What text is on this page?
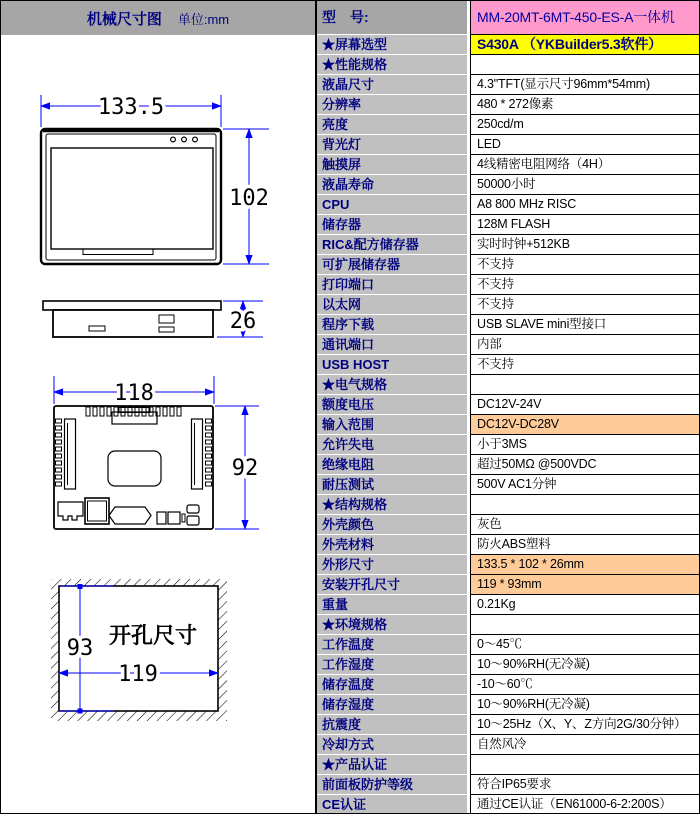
机械尺寸图 单位:mm
133.5
102
26
118
92
开孔尺寸
119
93
型　号:	MM-20MT-6MT-450-ES-A一体机
★屏幕选型	S430A （YKBuilder5.3软件）
★性能规格
液晶尺寸	4.3"TFT(显示尺寸96mm*54mm)
分辨率	480 * 272像素
亮度	250cd/m
背光灯	LED
触摸屏	4线精密电阻网络（4H）
液晶寿命	50000小时
CPU	A8 800 MHz RISC
储存器	128M FLASH
RIC&配方储存器	实时时钟+512KB
可扩展储存器	不支持
打印端口	不支持
以太网	不支持
程序下载	USB SLAVE mini型接口
通讯端口	内部
USB HOST	不支持
★电气规格
额度电压	DC12V-24V
输入范围	DC12V-DC28V
允许失电	小于3MS
绝缘电阻	超过50MΩ @500VDC
耐压测试	500V AC1分钟
★结构规格
外壳颜色	灰色
外壳材料	防火ABS塑料
外形尺寸	133.5 * 102 * 26mm
安装开孔尺寸	119 * 93mm
重量	0.21Kg
★环境规格
工作温度	0～45℃
工作湿度	10～90%RH(无冷凝)
储存温度	-10～60℃
储存湿度	10～90%RH(无冷凝)
抗震度	10～25Hz（X、Y、Z方向2G/30分钟）
冷却方式	自然风冷
★产品认证
前面板防护等级	符合IP65要求
CE认证	通过CE认证（EN61000-6-2:200S）
